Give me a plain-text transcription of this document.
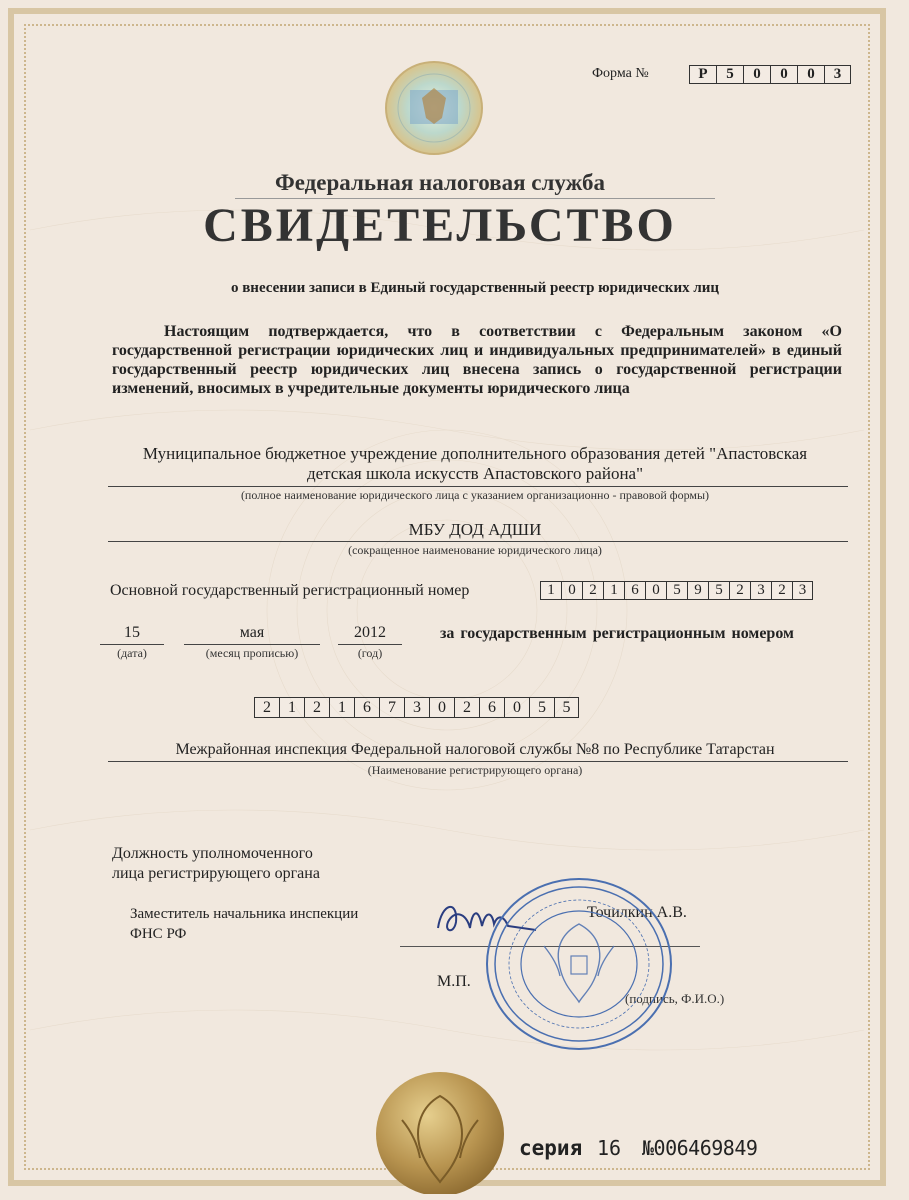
Форма №	Р	5	0	0	0	3
Федеральная налоговая служба
СВИДЕТЕЛЬСТВО
о внесении записи в Единый государственный реестр юридических лиц
Настоящим подтверждается, что в соответствии с Федеральным законом «О государственной регистрации юридических лиц и индивидуальных предпринимателей» в единый государственный реестр юридических лиц внесена запись о государственной регистрации изменений, вносимых в учредительные документы юридического лица
Муниципальное бюджетное учреждение дополнительного образования детей "Апастовская
детская школа искусств Апастовского района"
(полное наименование юридического лица с указанием организационно - правовой формы)
МБУ ДОД АДШИ
(сокращенное наименование юридического лица)
Основной государственный регистрационный номер	1 0 2 1 6 0 5 9 5 2 3 2 3
15
(дата)
мая
(месяц прописью)
2012
(год)
за государственным регистрационным номером
2	1	2	1	6	7	3	0	2	6	0	5	5
Межрайонная инспекция Федеральной налоговой службы №8 по Республике Татарстан
(Наименование регистрирующего органа)
Должность уполномоченного
лица регистрирующего органа
Заместитель начальника инспекции
ФНС РФ
Точилкин А.В.
М.П.
(подпись, Ф.И.О.)
серия 16 №006469849
